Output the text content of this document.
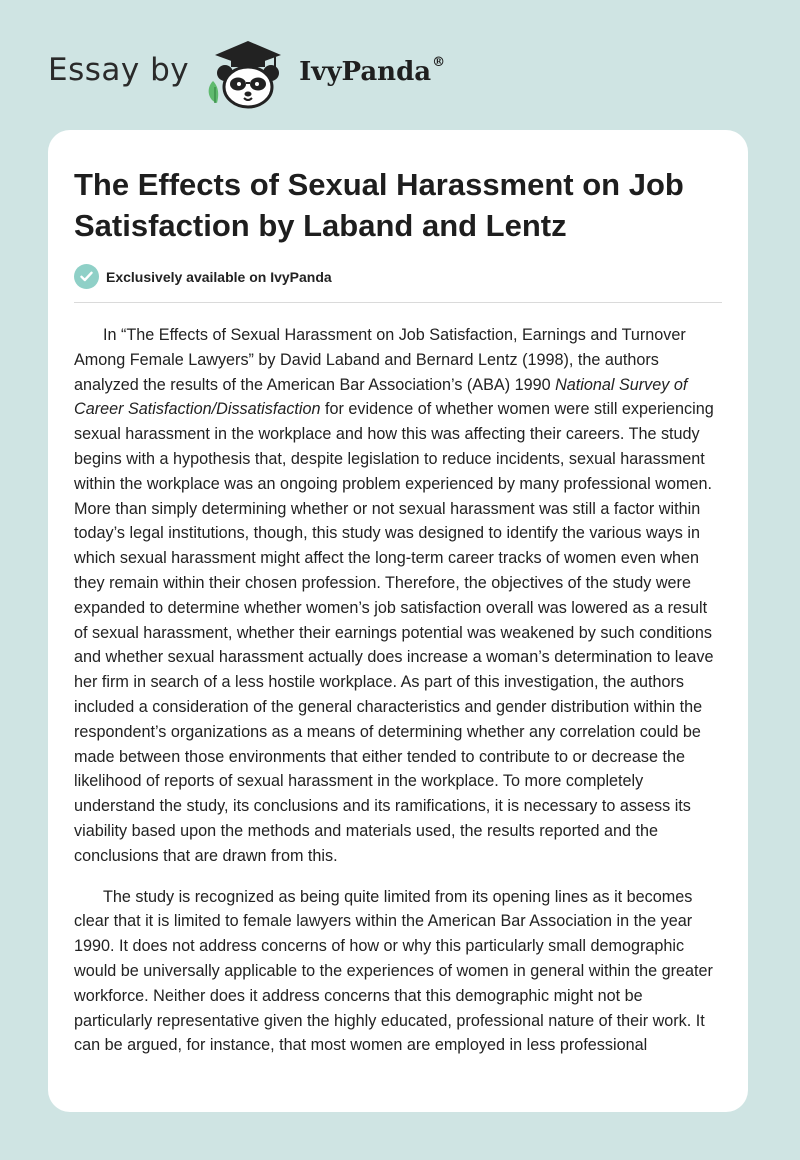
Essay by	IvyPanda®
The Effects of Sexual Harassment on Job Satisfaction by Laband and Lentz
Exclusively available on IvyPanda

In “The Effects of Sexual Harassment on Job Satisfaction, Earnings and Turnover Among Female Lawyers” by David Laband and Bernard Lentz (1998), the authors analyzed the results of the American Bar Association’s (ABA) 1990 National Survey of Career Satisfaction/Dissatisfaction for evidence of whether women were still experiencing sexual harassment in the workplace and how this was affecting their careers. The study begins with a hypothesis that, despite legislation to reduce incidents, sexual harassment within the workplace was an ongoing problem experienced by many professional women. More than simply determining whether or not sexual harassment was still a factor within today’s legal institutions, though, this study was designed to identify the various ways in which sexual harassment might affect the long-term career tracks of women even when they remain within their chosen profession. Therefore, the objectives of the study were expanded to determine whether women’s job satisfaction overall was lowered as a result of sexual harassment, whether their earnings potential was weakened by such conditions and whether sexual harassment actually does increase a woman’s determination to leave her firm in search of a less hostile workplace. As part of this investigation, the authors included a consideration of the general characteristics and gender distribution within the respondent’s organizations as a means of determining whether any correlation could be made between those environments that either tended to contribute to or decrease the likelihood of reports of sexual harassment in the workplace. To more completely understand the study, its conclusions and its ramifications, it is necessary to assess its viability based upon the methods and materials used, the results reported and the conclusions that are drawn from this.

The study is recognized as being quite limited from its opening lines as it becomes clear that it is limited to female lawyers within the American Bar Association in the year 1990. It does not address concerns of how or why this particularly small demographic would be universally applicable to the experiences of women in general within the greater workforce. Neither does it address concerns that this demographic might not be particularly representative given the highly educated, professional nature of their work. It can be argued, for instance, that most women are employed in less professional
